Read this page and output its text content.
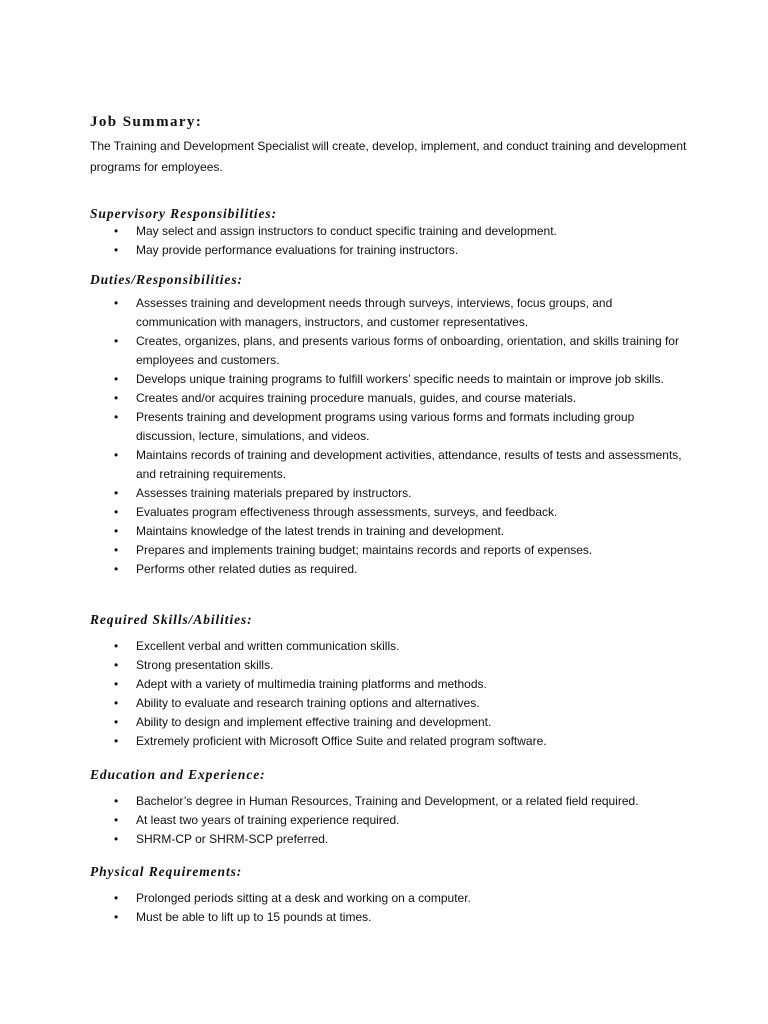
Job Summary:

The Training and Development Specialist will create, develop, implement, and conduct training and development programs for employees.

Supervisory Responsibilities:
• May select and assign instructors to conduct specific training and development.
• May provide performance evaluations for training instructors.
Duties/Responsibilities:
• Assesses training and development needs through surveys, interviews, focus groups, and communication with managers, instructors, and customer representatives.
• Creates, organizes, plans, and presents various forms of onboarding, orientation, and skills training for employees and customers.
• Develops unique training programs to fulfill workers’ specific needs to maintain or improve job skills.
• Creates and/or acquires training procedure manuals, guides, and course materials.
• Presents training and development programs using various forms and formats including group discussion, lecture, simulations, and videos.
• Maintains records of training and development activities, attendance, results of tests and assessments, and retraining requirements.
• Assesses training materials prepared by instructors.
• Evaluates program effectiveness through assessments, surveys, and feedback.
• Maintains knowledge of the latest trends in training and development.
• Prepares and implements training budget; maintains records and reports of expenses.
• Performs other related duties as required.
Required Skills/Abilities:
• Excellent verbal and written communication skills.
• Strong presentation skills.
• Adept with a variety of multimedia training platforms and methods.
• Ability to evaluate and research training options and alternatives.
• Ability to design and implement effective training and development.
• Extremely proficient with Microsoft Office Suite and related program software.
Education and Experience:
• Bachelor’s degree in Human Resources, Training and Development, or a related field required.
• At least two years of training experience required.
• SHRM-CP or SHRM-SCP preferred.
Physical Requirements:
• Prolonged periods sitting at a desk and working on a computer.
• Must be able to lift up to 15 pounds at times.
